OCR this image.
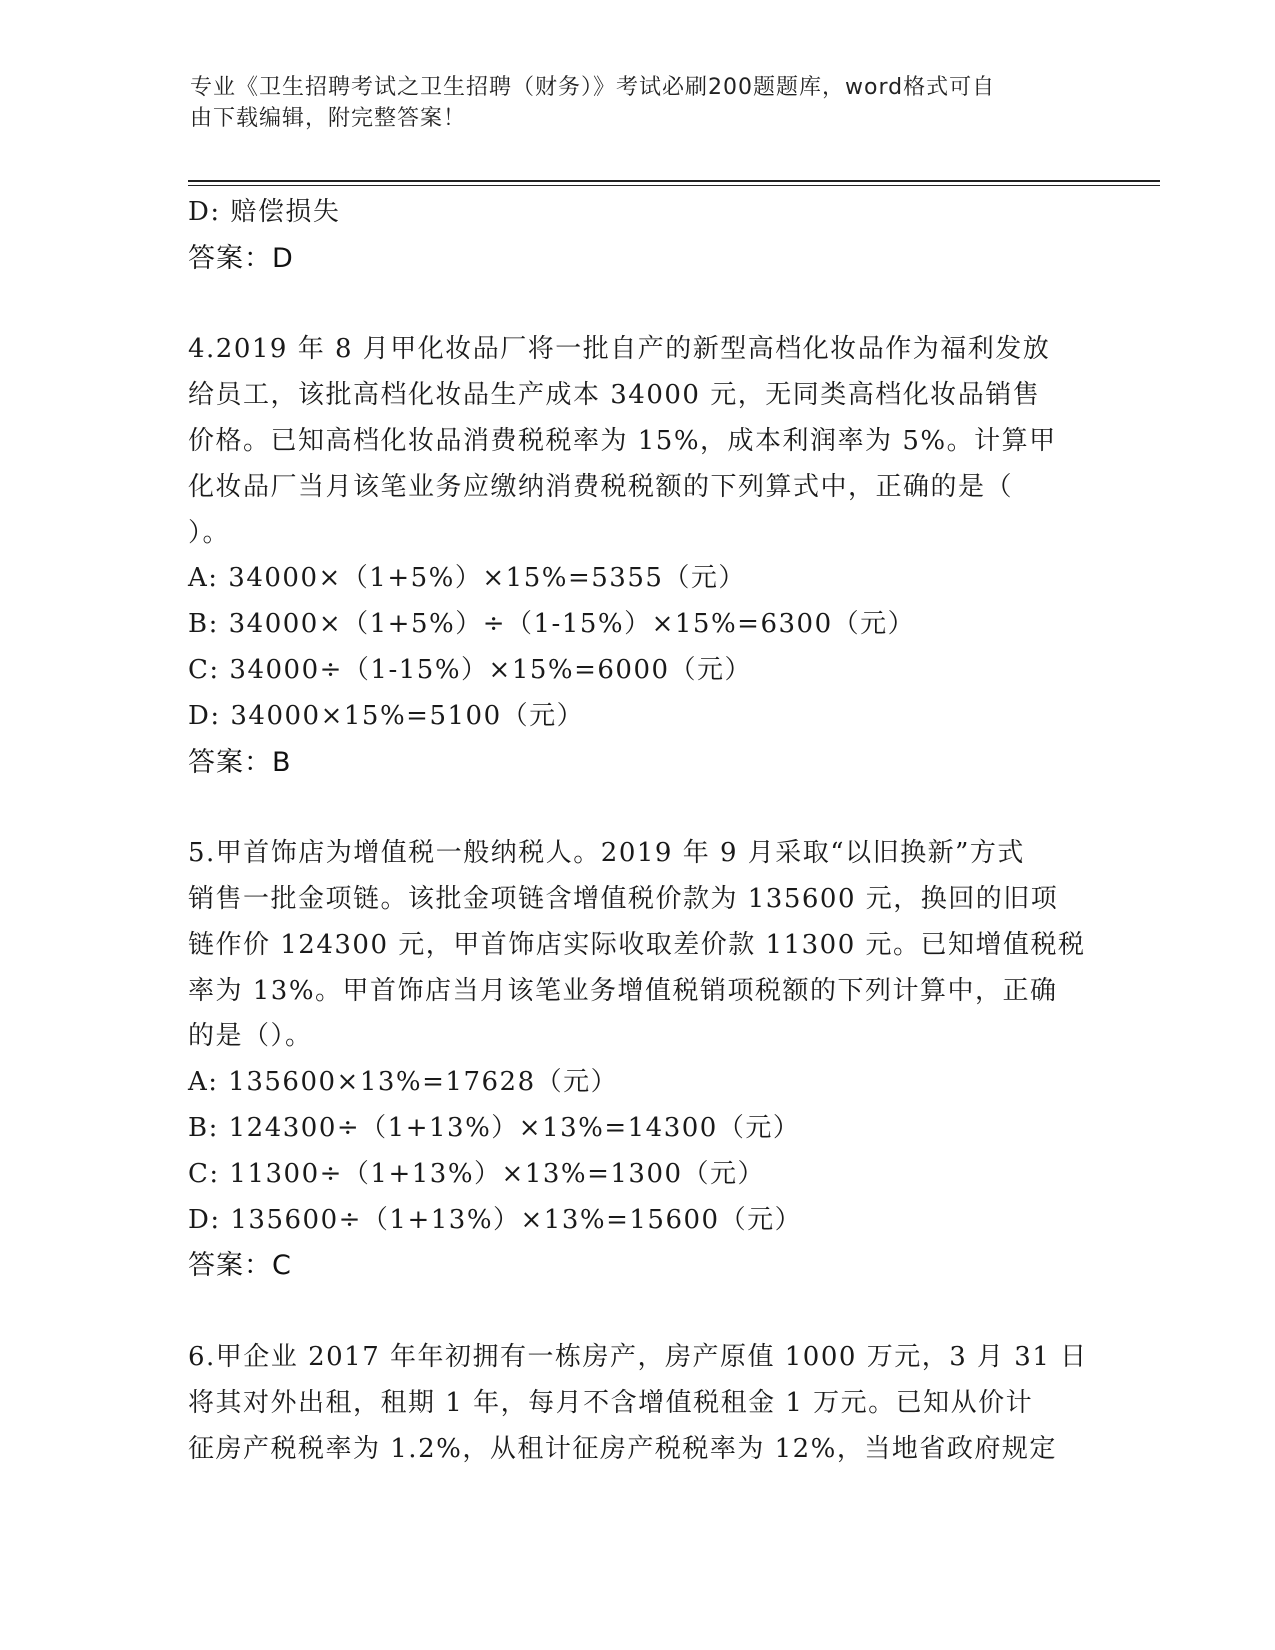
专业《卫生招聘考试之卫生招聘（财务）》考试必刷200题题库，word格式可自
由下载编辑，附完整答案！
D: 赔偿损失
答案：D
4.2019 年 8 月甲化妆品厂将一批自产的新型高档化妆品作为福利发放
给员工，该批高档化妆品生产成本 34000 元，无同类高档化妆品销售
价格。已知高档化妆品消费税税率为 15%，成本利润率为 5%。计算甲
化妆品厂当月该笔业务应缴纳消费税税额的下列算式中，正确的是（
）。
A: 34000×（1+5%）×15%=5355（元）
B: 34000×（1+5%）÷（1-15%）×15%=6300（元）
C: 34000÷（1-15%）×15%=6000（元）
D: 34000×15%=5100（元）
答案：B
5.甲首饰店为增值税一般纳税人。2019 年 9 月采取“以旧换新”方式
销售一批金项链。该批金项链含增值税价款为 135600 元，换回的旧项
链作价 124300 元，甲首饰店实际收取差价款 11300 元。已知增值税税
率为 13%。甲首饰店当月该笔业务增值税销项税额的下列计算中，正确
的是（）。
A: 135600×13%=17628（元）
B: 124300÷（1+13%）×13%=14300（元）
C: 11300÷（1+13%）×13%=1300（元）
D: 135600÷（1+13%）×13%=15600（元）
答案：C
6.甲企业 2017 年年初拥有一栋房产，房产原值 1000 万元，3 月 31 日
将其对外出租，租期 1 年，每月不含增值税租金 1 万元。已知从价计
征房产税税率为 1.2%，从租计征房产税税率为 12%，当地省政府规定
